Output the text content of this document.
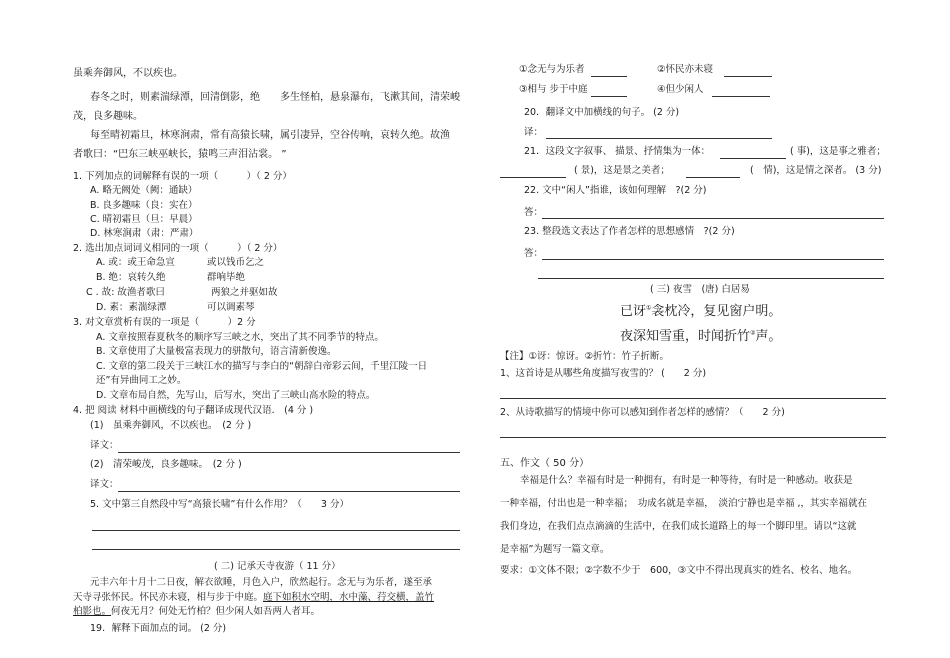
虽乘奔御风，不以疾也。
春冬之时，则素湍绿潭，回清倒影，绝　　多生怪柏，悬泉瀑布，飞漱其间，清荣峻
茂，良多趣味。
每至晴初霜旦，林寒涧肃，常有高猿长啸，属引凄异，空谷传响，哀转久绝。故渔
者歌曰：“巴东三峡巫峡长，猿鸣三声泪沾裳。 ”
1. 下列加点的词解释有误的一项（　　　）（ 2 分）
A. 略无阙处（阙：通缺）
B. 良多趣味（良：实在）
C. 晴初霜旦（旦：早晨）
D. 林寒涧肃（肃：严肃）
2. 选出加点词词义相同的一项（　　　）（ 2 分）
A. 或：或王命急宣	或以钱币乞之
B. 绝：哀转久绝	群响毕绝
C . 故: 故渔者歌曰	两狼之并驱如故
D. 素：素湍绿潭	可以调素琴
3. 对文章赏析有误的一项是（　　　）2 分
A. 文章按照春夏秋冬的顺序写三峡之水，突出了其不同季节的特点。
B. 文章使用了大量极富表现力的骈散句，语言清新俊逸。
C. 文章的第二段关于三峡江水的描写与李白的“朝辞白帝彩云间，千里江陵一日
还”有异曲同工之妙。
D. 文章布局自然，先写山，后写水，突出了三峡山高水险的特点。
4. 把 阅读 材料中画横线的句子翻译成现代汉语． (4 分 )
(1)　虽乘奔御风，不以疾也。　(2 分 )
译文：
(2)　清荣峻茂，良多趣味。　(2 分 )
译文：
5. 文中第三自然段中写“高猿长啸”有什么作用？（　　3 分）
( 二) 记承天寺夜游（ 11 分）
元丰六年十月十二日夜，解衣欲睡，月色入户，欣然起行。念无与为乐者，遂至承
天寺寻张怀民。怀民亦未寝，相与步于中庭。庭下如积水空明，水中藻、荇交横，盖竹
柏影也。何夜无月？何处无竹柏？但少闲人如吾两人者耳。
19．解释下面加点的词。 (2 分)
①念无与为乐者	②怀民亦未寝
③相与 步于中庭	④但少闲人
20．翻译文中加横线的句子。 (2 分)
译：
21．这段文字叙事、 描景、抒情集为一体：	( 事)，这是事之雅者；
( 景)，这是景之美者；	(　情)，这是情之深者。 (3 分)
22. 文中“闲人”指谁，该如何理解　?(2 分)
答：
23. 整段选文表达了作者怎样的思想感情　?(2 分)
答：
( 三) 夜雪　(唐) 白居易
已讶①衾枕冷，复见窗户明。
夜深知雪重，时闻折竹②声。
【注】①讶：惊讶。②折竹：竹子折断。
1、这首诗是从哪些角度描写夜雪的？ (　　2 分)
2、从诗歌描写的情境中你可以感知到作者怎样的感情？（　　2 分)
五、作文（ 50 分）
幸福是什么？幸福有时是一种拥有，有时是一种等待，有时是一种感动。收获是
一种幸福，付出也是一种幸福；　功成名就是幸福，　淡泊宁静也是幸福 ,，其实幸福就在
我们身边，在我们点点滴滴的生活中，在我们成长道路上的每一个脚印里。请以“这就
是幸福”为题写一篇文章。
要求：①文体不限；②字数不少于　600，③文中不得出现真实的姓名、校名、地名。
